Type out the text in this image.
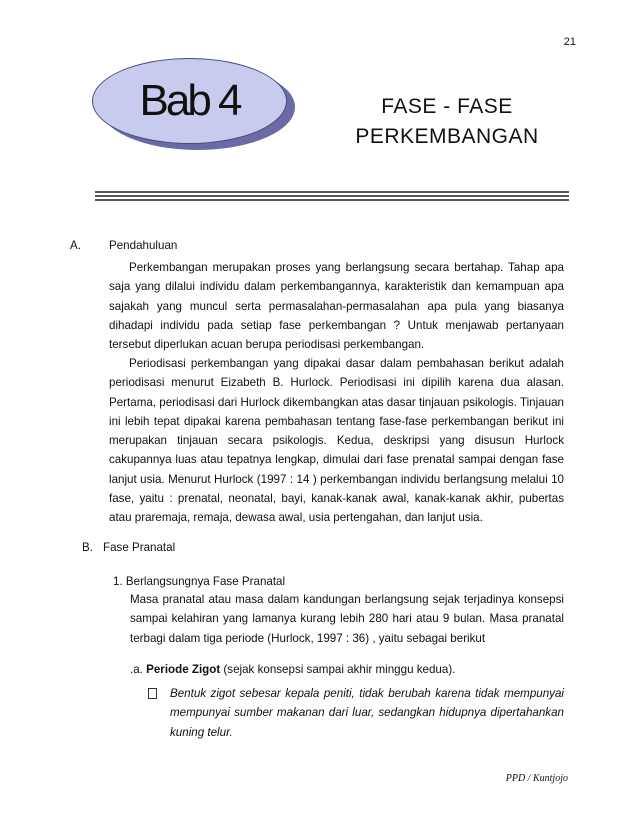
21
Bab 4	FASE - FASE
PERKEMBANGAN
A. Pendahuluan

Perkembangan merupakan proses yang berlangsung secara bertahap. Tahap apa saja yang dilalui individu dalam perkembangannya, karakteristik dan kemampuan apa sajakah yang muncul serta permasalahan-permasalahan apa pula yang biasanya dihadapi individu pada setiap fase perkembangan ? Untuk menjawab pertanyaan tersebut diperlukan acuan berupa periodisasi perkembangan.

Periodisasi perkembangan yang dipakai dasar dalam pembahasan berikut adalah periodisasi menurut Eizabeth B. Hurlock. Periodisasi ini dipilih karena dua alasan. Pertama, periodisasi dari Hurlock dikembangkan atas dasar tinjauan psikologis. Tinjauan ini lebih tepat dipakai karena pembahasan tentang fase-fase perkembangan berikut ini merupakan tinjauan secara psikologis. Kedua, deskripsi yang disusun Hurlock cakupannya luas atau tepatnya lengkap, dimulai dari fase prenatal sampai dengan fase lanjut usia. Menurut Hurlock (1997 : 14 ) perkembangan individu berlangsung melalui 10 fase, yaitu : prenatal, neonatal, bayi, kanak-kanak awal, kanak-kanak akhir, pubertas atau praremaja, remaja, dewasa awal, usia pertengahan, dan lanjut usia.

B. Fase Pranatal
1. Berlangsungnya Fase Pranatal

Masa pranatal atau masa dalam kandungan berlangsung sejak terjadinya konsepsi sampai kelahiran yang lamanya kurang lebih 280 hari atau 9 bulan. Masa pranatal terbagi dalam tiga periode (Hurlock, 1997 : 36) , yaitu sebagai berikut

.a. Periode Zigot (sejak konsepsi sampai akhir minggu kedua).

Bentuk zigot sebesar kepala peniti, tidak berubah karena tidak mempunyai mempunyai sumber makanan dari luar, sedangkan hidupnya dipertahankan kuning telur.

PPD / Kuntjojo
